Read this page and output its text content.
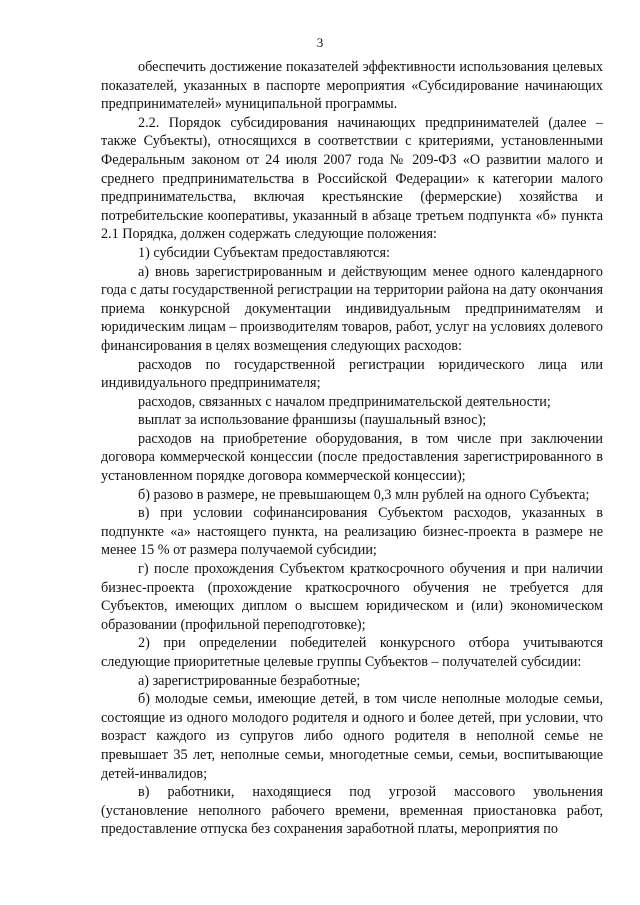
3

обеспечить достижение показателей эффективности использования целевых показателей, указанных в паспорте мероприятия «Субсидирование начинающих предпринимателей» муниципальной программы.

2.2. Порядок субсидирования начинающих предпринимателей (далее – также Субъекты), относящихся в соответствии с критериями, установленными Федеральным законом от 24 июля 2007 года № 209-ФЗ «О развитии малого и среднего предпринимательства в Российской Федерации» к категории малого предпринимательства, включая крестьянские (фермерские) хозяйства и потребительские кооперативы, указанный в абзаце третьем подпункта «б» пункта 2.1 Порядка, должен содержать следующие положения:

1) субсидии Субъектам предоставляются:

а) вновь зарегистрированным и действующим менее одного календарного года с даты государственной регистрации на территории района на дату окончания приема конкурсной документации индивидуальным предпринимателям и юридическим лицам – производителям товаров, работ, услуг на условиях долевого финансирования в целях возмещения следующих расходов:

расходов по государственной регистрации юридического лица или индивидуального предпринимателя;

расходов, связанных с началом предпринимательской деятельности;

выплат за использование франшизы (паушальный взнос);

расходов на приобретение оборудования, в том числе при заключении договора коммерческой концессии (после предоставления зарегистрированного в установленном порядке договора коммерческой концессии);

б) разово в размере, не превышающем 0,3 млн рублей на одного Субъекта;

в) при условии софинансирования Субъектом расходов, указанных в подпункте «а» настоящего пункта, на реализацию бизнес-проекта в размере не менее 15 % от размера получаемой субсидии;

г) после прохождения Субъектом краткосрочного обучения и при наличии бизнес-проекта (прохождение краткосрочного обучения не требуется для Субъектов, имеющих диплом о высшем юридическом и (или) экономическом образовании (профильной переподготовке);

2) при определении победителей конкурсного отбора учитываются следующие приоритетные целевые группы Субъектов – получателей субсидии:

а) зарегистрированные безработные;

б) молодые семьи, имеющие детей, в том числе неполные молодые семьи, состоящие из одного молодого родителя и одного и более детей, при условии, что возраст каждого из супругов либо одного родителя в неполной семье не превышает 35 лет, неполные семьи, многодетные семьи, семьи, воспитывающие детей-инвалидов;

в) работники, находящиеся под угрозой массового увольнения (установление неполного рабочего времени, временная приостановка работ, предоставление отпуска без сохранения заработной платы, мероприятия по
